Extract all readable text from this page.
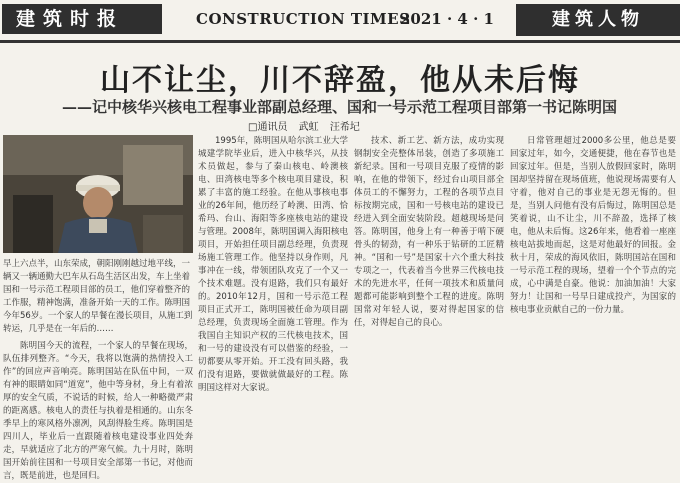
建筑时报	CONSTRUCTION TIMES
2021 · 4 · 1	建筑人物
山不让尘，川不辞盈，他从未后悔
——记中核华兴核电工程事业部副总经理、国和一号示范工程项目部第一书记陈明国
□通讯员 武虹 汪希圮
早上六点半，山东荣成，朝阳刚刚越过地平线，一辆又一辆通勤大巴车从石岛生活区出发，车上坐着国和一号示范工程项目部的员工，他们穿着整齐的工作服，精神饱满，准备开始一天的工作。陈明国今年56岁。一个家人的早餐在漫长项目，从施工到转运，几乎是在一年后的……

陈明国今天的流程，一个家人的早餐在现场，队伍排列整齐。“今天，我将以饱满的热情投入工作”的回应声音响亮。陈明国站在队伍中间，一双有神的眼睛如同“道宽”，他中等身材，身上有着浓厚的安全气质，不说话的时候，给人一种略微严肃的距离感。核电人的责任与执着是相通的。山东冬季早上的寒风格外凛冽，风刮得脸生疼。陈明国是四川人，毕业后一直跟随着核电建设事业四处奔走，早就适应了北方的严寒气候。九十月时，陈明国开始前往国和一号项目安全部第一书记，对他而言，既是前进，也是回归。

1995年，陈明国从哈尔滨工业大学城建学院毕业后，进入中核华兴，从技术员做起，参与了秦山核电、岭澳核电、田湾核电等多个核电项目建设，积累了丰富的施工经验。在他从事核电事业的26年间，他历经了岭澳、田湾、恰希玛、台山、海阳等多座核电站的建设与管理。2008年，陈明国调入海阳核电项目，开始担任项目副总经理，负责现场施工管理工作。他坚持以身作则，凡事冲在一线，带领团队攻克了一个又一个技术难题。没有退路，我们只有最好的。2010年12月，国和一号示范工程项目正式开工，陈明国被任命为项目副总经理，负责现场全面施工管理。作为我国自主知识产权的三代核电技术，国和一号的建设没有可以借鉴的经验，一切都要从零开始。开工没有回头路，我们没有退路，要做就做最好的工程。陈明国这样对大家说。

技术、新工艺、新方法，成功实现钢制安全壳整体吊装，创造了多项施工新纪录。国和一号项目克服了疫情的影响，在他的带领下，经过台山项目部全体员工的不懈努力，工程的各项节点目标按期完成，国和一号核电站的建设已经进入到全面安装阶段。超越现场是问答。陈明国，他身上有一种善于啃下硬骨头的韧劲，有一种乐于钻研的工匠精神。“国和一号”是国家十六个重大科技专项之一，代表着当今世界三代核电技术的先进水平，任何一项技术和质量问题都可能影响到整个工程的进度。陈明国常对年轻人说，要对得起国家的信任，对得起自己的良心。

日常管理超过2000多公里，他总是要回家过年，如今，交通便捷，他在春节也是回家过年。但是，当别人放假回家时，陈明国却坚持留在现场值班，他说现场需要有人守着，他对自己的事业是无怨无悔的。但是，当别人问他有没有后悔过，陈明国总是笑着说，山不让尘，川不辞盈，选择了核电，他从未后悔。这26年来，他看着一座座核电站拔地而起，这是对他最好的回报。金秋十月，荣成的海风依旧，陈明国站在国和一号示范工程的现场，望着一个个节点的完成，心中满是自豪。他说：加油加油！大家努力！让国和一号早日建成投产，为国家的核电事业贡献自己的一份力量。
